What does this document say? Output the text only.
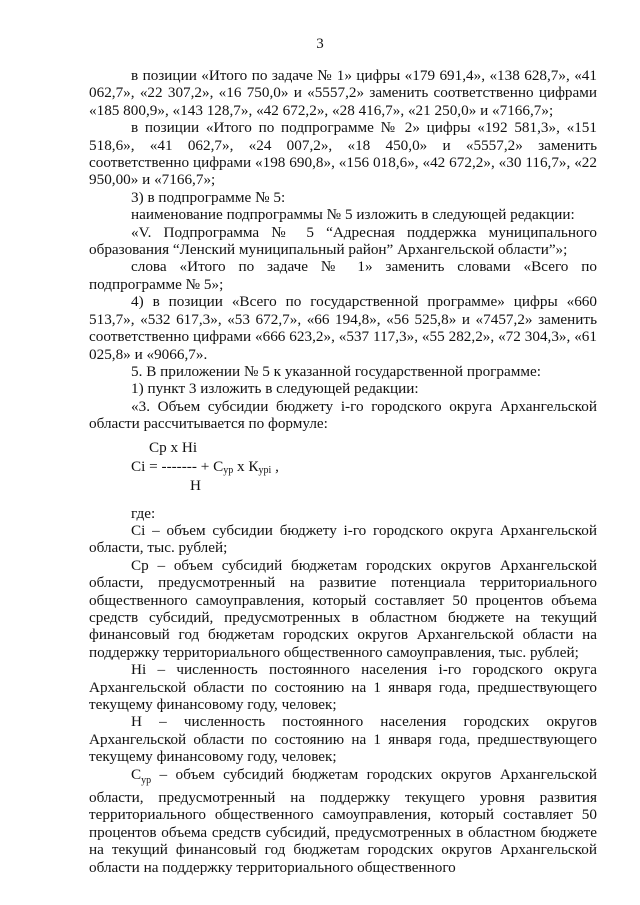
3

в позиции «Итого по задаче № 1» цифры «179 691,4», «138 628,7», «41 062,7», «22 307,2», «16 750,0» и «5557,2» заменить соответственно цифрами «185 800,9», «143 128,7», «42 672,2», «28 416,7», «21 250,0» и «7166,7»;

в позиции «Итого по подпрограмме № 2» цифры «192 581,3», «151 518,6», «41 062,7», «24 007,2», «18 450,0» и «5557,2» заменить соответственно цифрами «198 690,8», «156 018,6», «42 672,2», «30 116,7», «22 950,00» и «7166,7»;

3) в подпрограмме № 5:

наименование подпрограммы № 5 изложить в следующей редакции:

«V. Подпрограмма № 5 “Адресная поддержка муниципального образования “Ленский муниципальный район” Архангельской области”»;

слова «Итого по задаче № 1» заменить словами «Всего по подпрограмме № 5»;

4) в позиции «Всего по государственной программе» цифры «660 513,7», «532 617,3», «53 672,7», «66 194,8», «56 525,8» и «7457,2» заменить соответственно цифрами «666 623,2», «537 117,3», «55 282,2», «72 304,3», «61 025,8» и «9066,7».

5. В приложении № 5 к указанной государственной программе:

1) пункт 3 изложить в следующей редакции:

«3. Объем субсидии бюджету i-го городского округа Архангельской области рассчитывается по формуле:

Ср х Hi
Ci = ------- + $С_{ур}$ х $К_{урi}$ ,
Н

где:

Ci – объем субсидии бюджету i-го городского округа Архангельской области, тыс. рублей;

Ср – объем субсидий бюджетам городских округов Архангельской области, предусмотренный на развитие потенциала территориального общественного самоуправления, который составляет 50 процентов объема средств субсидий, предусмотренных в областном бюджете на текущий финансовый год бюджетам городских округов Архангельской области на поддержку территориального общественного самоуправления, тыс. рублей;

Hi – численность постоянного населения i-го городского округа Архангельской области по состоянию на 1 января года, предшествующего текущему финансовому году, человек;

Н – численность постоянного населения городских округов Архангельской области по состоянию на 1 января года, предшествующего текущему финансовому году, человек;

$С_{ур}$ – объем субсидий бюджетам городских округов Архангельской области, предусмотренный на поддержку текущего уровня развития территориального общественного самоуправления, который составляет 50 процентов объема средств субсидий, предусмотренных в областном бюджете на текущий финансовый год бюджетам городских округов Архангельской области на поддержку территориального общественного
